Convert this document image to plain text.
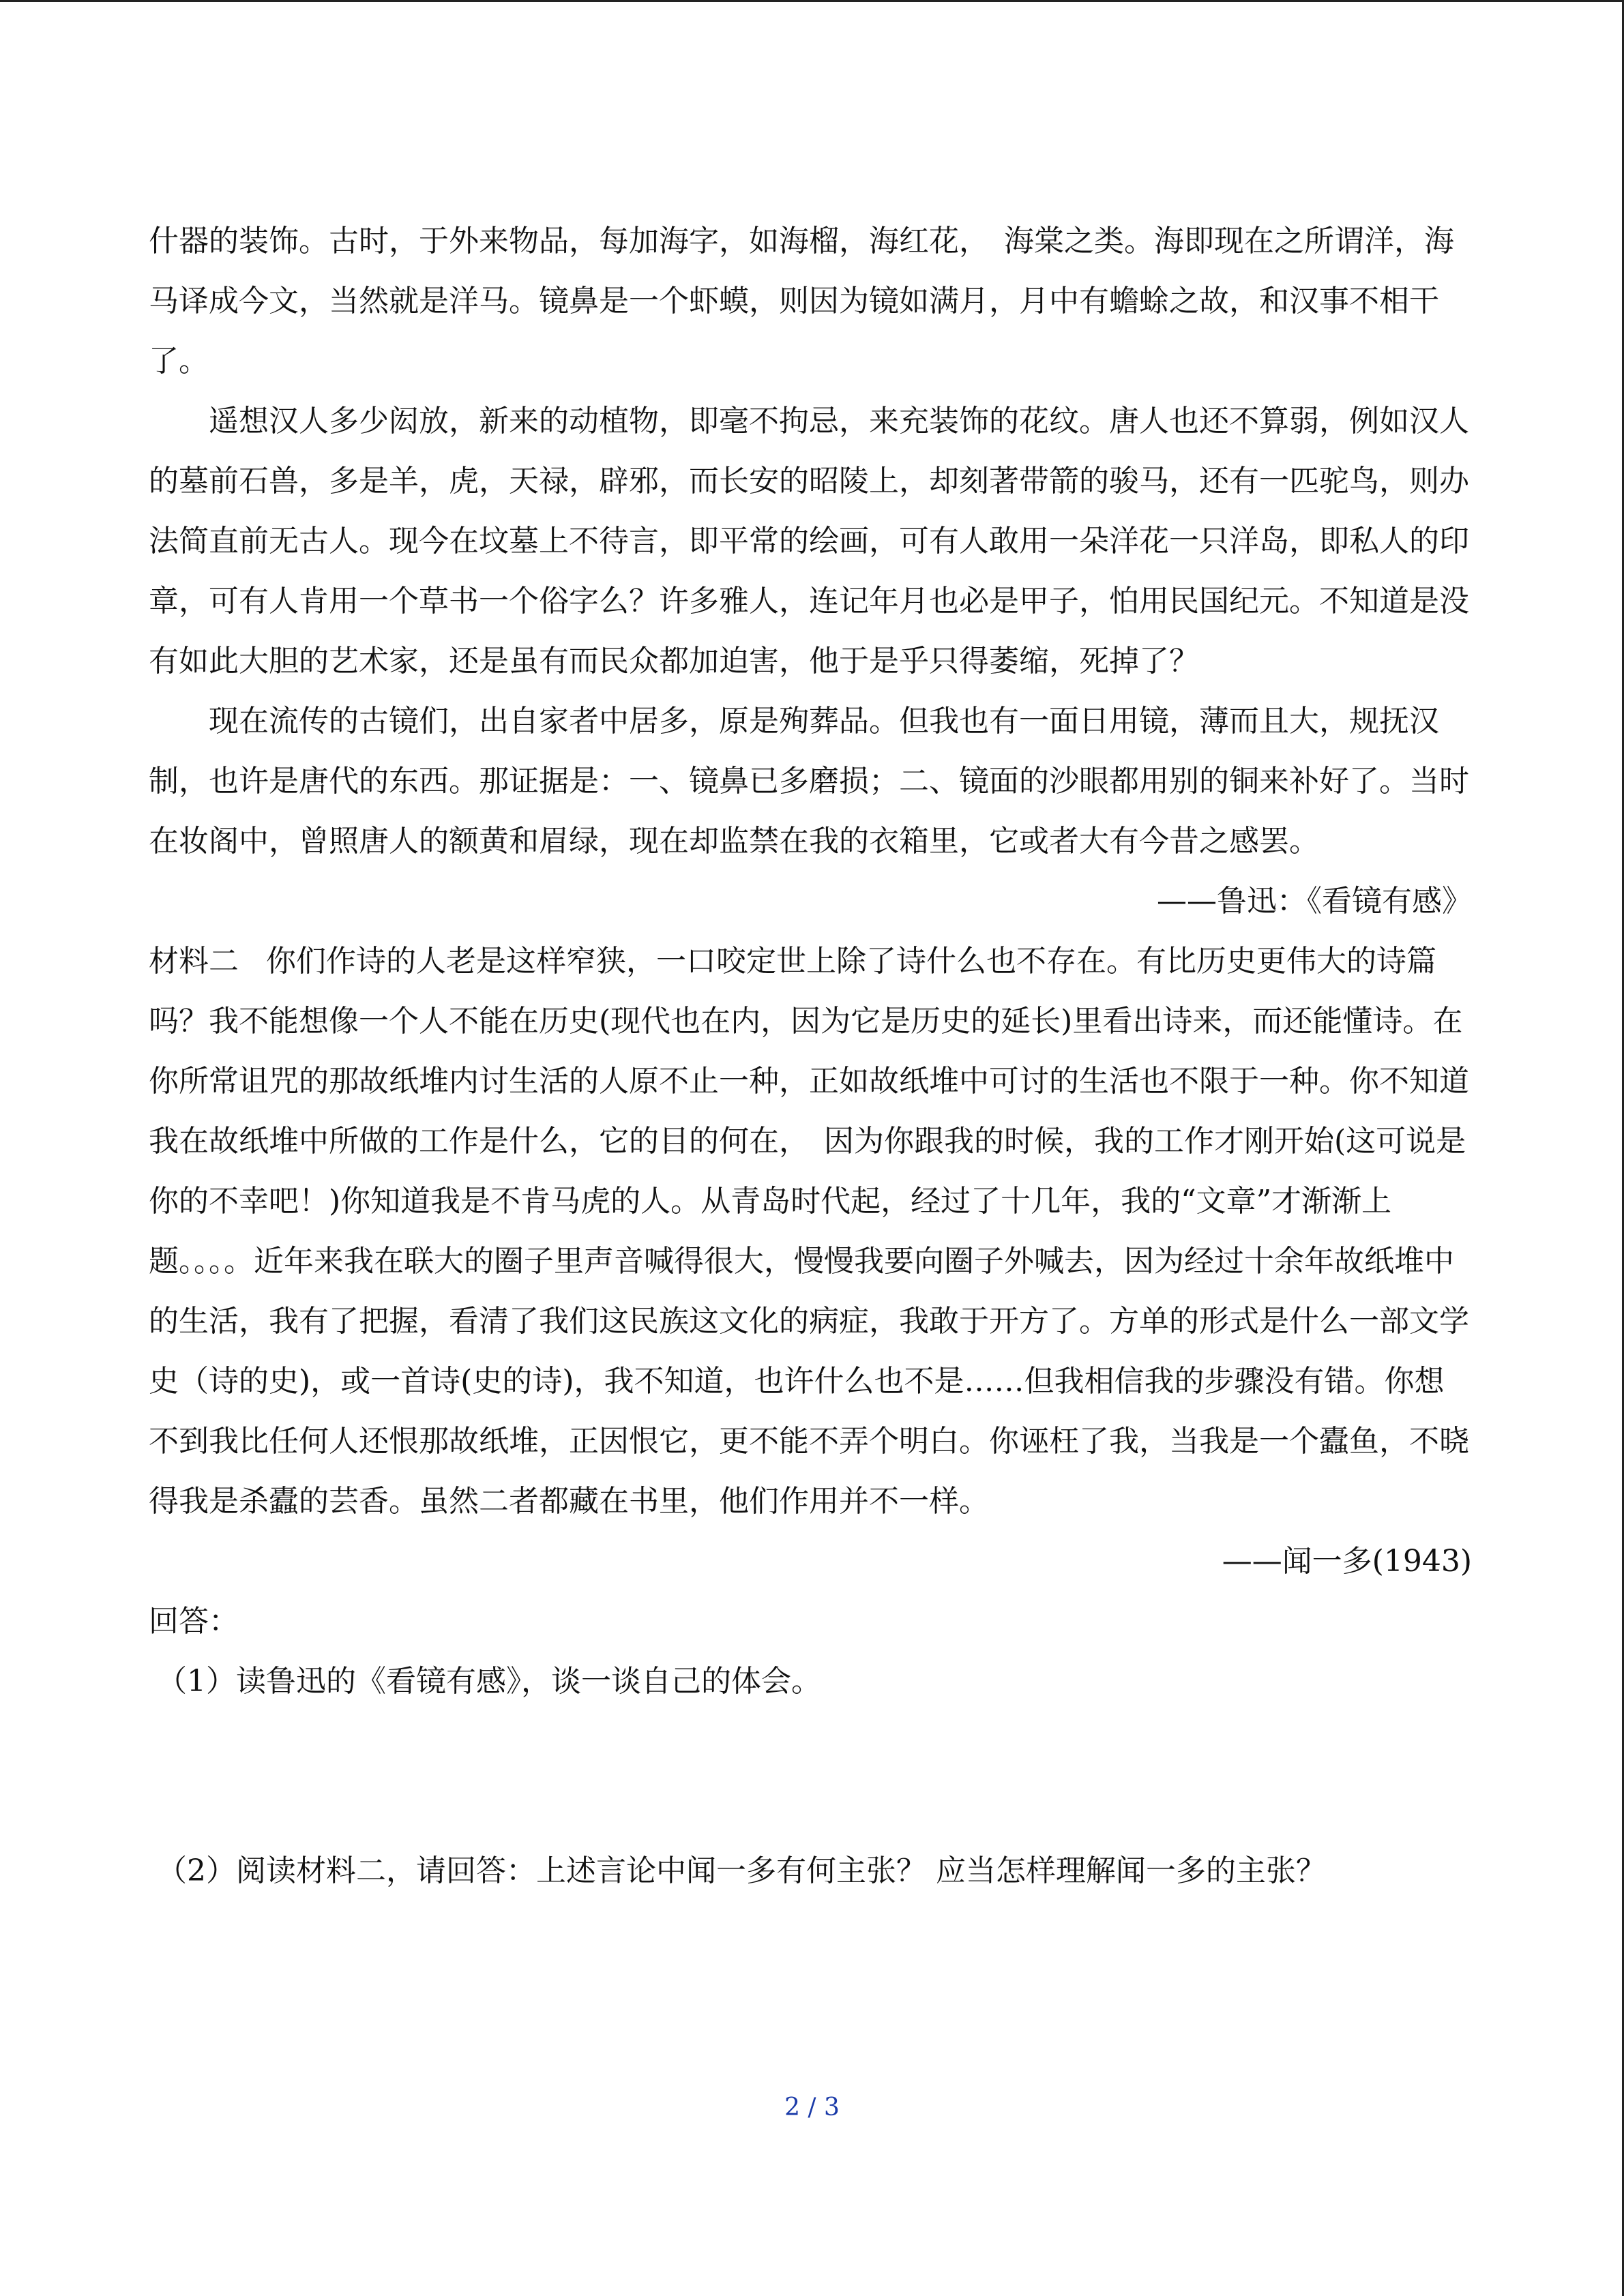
什器的装饰。古时，于外来物品，每加海字，如海榴，海红花，　海棠之类。海即现在之所谓洋，海马译成今文，当然就是洋马。镜鼻是一个虾蟆，则因为镜如满月，月中有蟾蜍之故，和汉事不相干了。

遥想汉人多少闳放，新来的动植物，即毫不拘忌，来充装饰的花纹。唐人也还不算弱，例如汉人的墓前石兽，多是羊，虎，天禄，辟邪，而长安的昭陵上，却刻著带箭的骏马，还有一匹驼鸟，则办法简直前无古人。现今在坟墓上不待言，即平常的绘画，可有人敢用一朵洋花一只洋岛，即私人的印章，可有人肯用一个草书一个俗字么？许多雅人，连记年月也必是甲子，怕用民国纪元。不知道是没有如此大胆的艺术家，还是虽有而民众都加迫害，他于是乎只得萎缩，死掉了？

现在流传的古镜们，出自家者中居多，原是殉葬品。但我也有一面日用镜，薄而且大，规抚汉制，也许是唐代的东西。那证据是：一、镜鼻已多磨损；二、镜面的沙眼都用别的铜来补好了。当时在妆阁中，曾照唐人的额黄和眉绿，现在却监禁在我的衣箱里，它或者大有今昔之感罢。

——鲁迅：《看镜有感》

材料二 你们作诗的人老是这样窄狭，一口咬定世上除了诗什么也不存在。有比历史更伟大的诗篇吗？我不能想像一个人不能在历史(现代也在内，因为它是历史的延长)里看出诗来，而还能懂诗。在你所常诅咒的那故纸堆内讨生活的人原不止一种，正如故纸堆中可讨的生活也不限于一种。你不知道我在故纸堆中所做的工作是什么，它的目的何在，　因为你跟我的时候，我的工作才刚开始(这可说是你的不幸吧！)你知道我是不肯马虎的人。从青岛时代起，经过了十几年，我的“文章”才渐渐上题。。。。近年来我在联大的圈子里声音喊得很大，慢慢我要向圈子外喊去，因为经过十余年故纸堆中的生活，我有了把握，看清了我们这民族这文化的病症，我敢于开方了。方单的形式是什么一部文学史（诗的史)，或一首诗(史的诗)，我不知道，也许什么也不是……但我相信我的步骤没有错。你想不到我比任何人还恨那故纸堆，正因恨它，更不能不弄个明白。你诬枉了我，当我是一个蠹鱼，不晓得我是杀蠹的芸香。虽然二者都藏在书里，他们作用并不一样。

——闻一多(1943)

回答：

（1）读鲁迅的《看镜有感》，谈一谈自己的体会。

（2）阅读材料二，请回答：上述言论中闻一多有何主张？ 应当怎样理解闻一多的主张？

2 / 3
